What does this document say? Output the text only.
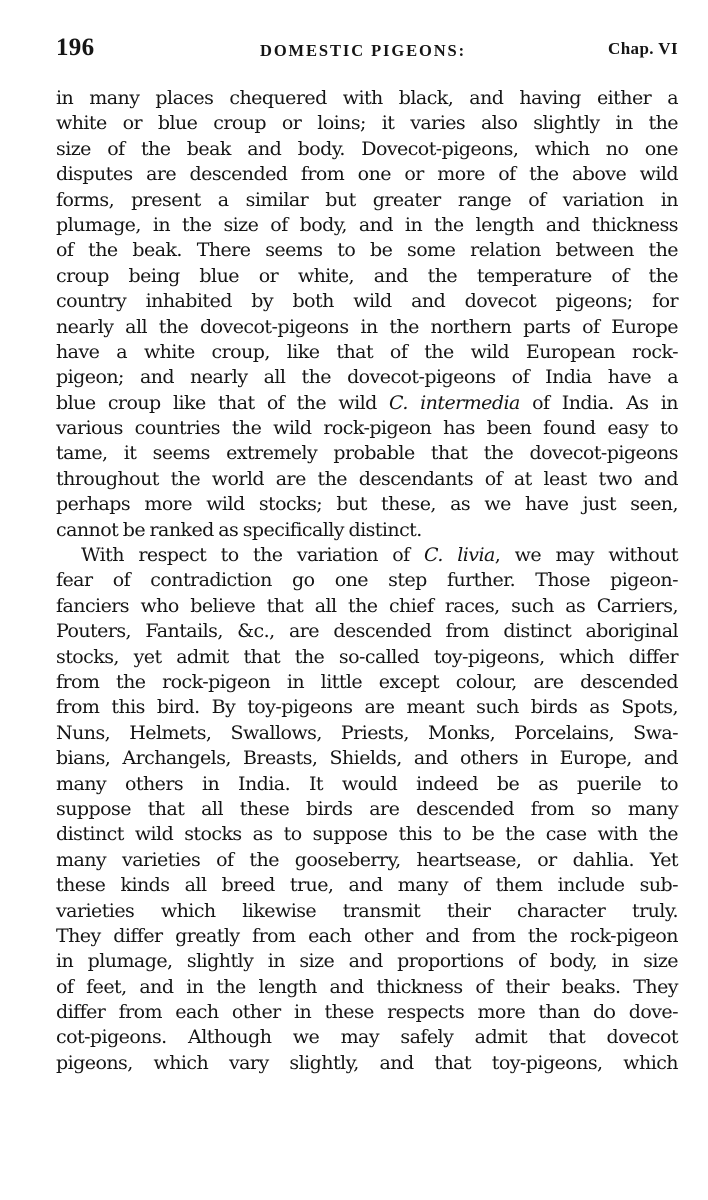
196	DOMESTIC PIGEONS:	Chap. VI
in many places chequered with black, and having either a
white or blue croup or loins; it varies also slightly in the
size of the beak and body. Dovecot-pigeons, which no one
disputes are descended from one or more of the above wild
forms, present a similar but greater range of variation in
plumage, in the size of body, and in the length and thickness
of the beak. There seems to be some relation between the
croup being blue or white, and the temperature of the
country inhabited by both wild and dovecot pigeons; for
nearly all the dovecot-pigeons in the northern parts of Europe
have a white croup, like that of the wild European rock-
pigeon; and nearly all the dovecot-pigeons of India have a
blue croup like that of the wild C. intermedia of India. As in
various countries the wild rock-pigeon has been found easy to
tame, it seems extremely probable that the dovecot-pigeons
throughout the world are the descendants of at least two and
perhaps more wild stocks; but these, as we have just seen,
cannot be ranked as specifically distinct.
With respect to the variation of C. livia, we may without
fear of contradiction go one step further. Those pigeon-
fanciers who believe that all the chief races, such as Carriers,
Pouters, Fantails, &c., are descended from distinct aboriginal
stocks, yet admit that the so-called toy-pigeons, which differ
from the rock-pigeon in little except colour, are descended
from this bird. By toy-pigeons are meant such birds as Spots,
Nuns, Helmets, Swallows, Priests, Monks, Porcelains, Swa-
bians, Archangels, Breasts, Shields, and others in Europe, and
many others in India. It would indeed be as puerile to
suppose that all these birds are descended from so many
distinct wild stocks as to suppose this to be the case with the
many varieties of the gooseberry, heartsease, or dahlia. Yet
these kinds all breed true, and many of them include sub-
varieties which likewise transmit their character truly.
They differ greatly from each other and from the rock-pigeon
in plumage, slightly in size and proportions of body, in size
of feet, and in the length and thickness of their beaks. They
differ from each other in these respects more than do dove-
cot-pigeons. Although we may safely admit that dovecot
pigeons, which vary slightly, and that toy-pigeons, which
